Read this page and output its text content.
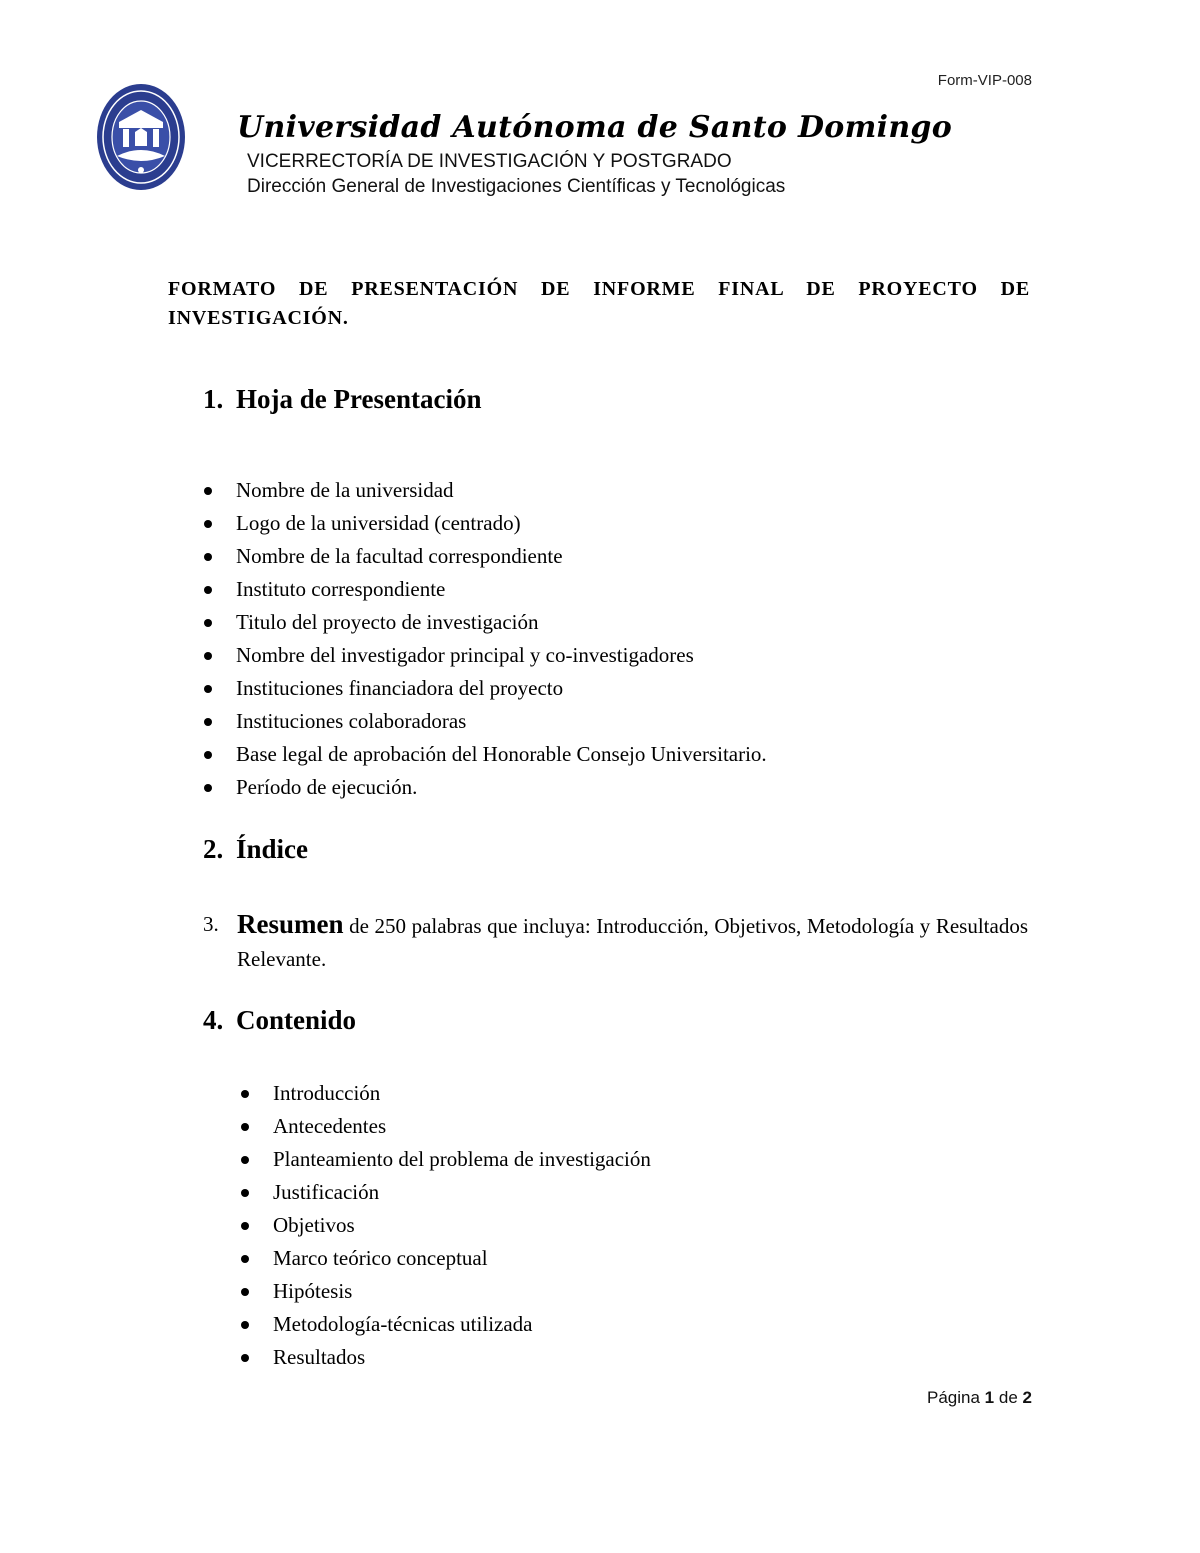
Form-VIP-008
Universidad Autónoma de Santo Domingo
VICERRECTORÍA DE INVESTIGACIÓN Y POSTGRADO
Dirección General de Investigaciones Científicas y Tecnológicas
FORMATO DE PRESENTACIÓN DE INFORME FINAL DE PROYECTO DE INVESTIGACIÓN.
1. Hoja de Presentación
Nombre de la universidad
Logo de la universidad (centrado)
Nombre de la facultad correspondiente
Instituto correspondiente
Titulo del proyecto de investigación
Nombre del investigador principal y co-investigadores
Instituciones financiadora del proyecto
Instituciones colaboradoras
Base legal de aprobación del Honorable Consejo Universitario.
Período de ejecución.
2. Índice
3. Resumen de 250 palabras que incluya: Introducción, Objetivos, Metodología y Resultados Relevante.
4. Contenido
Introducción
Antecedentes
Planteamiento del problema de investigación
Justificación
Objetivos
Marco teórico conceptual
Hipótesis
Metodología-técnicas utilizada
Resultados
Página 1 de 2
